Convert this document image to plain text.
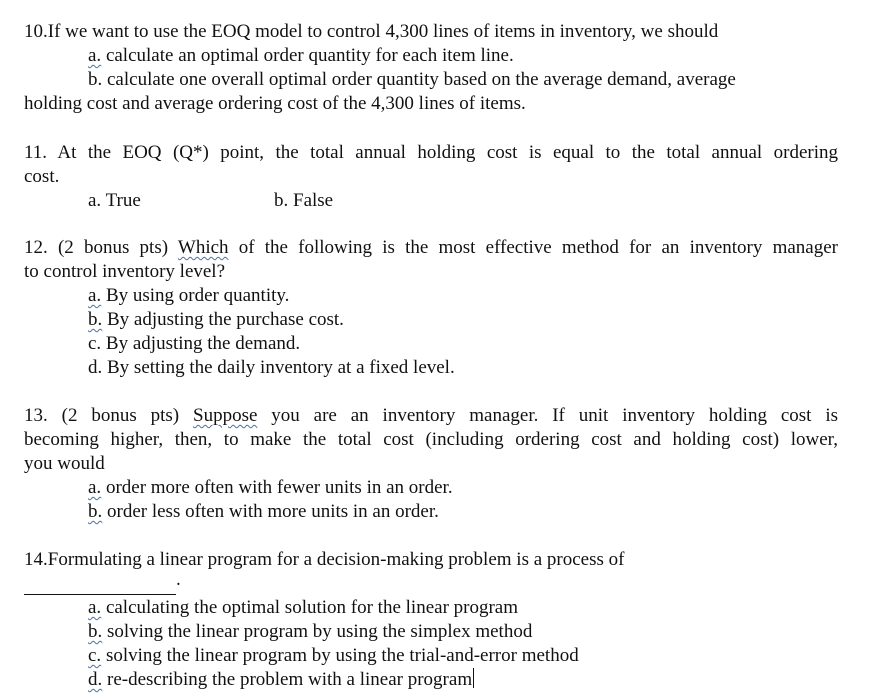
10.If we want to use the EOQ model to control 4,300 lines of items in inventory, we should
a. calculate an optimal order quantity for each item line.
b. calculate one overall optimal order quantity based on the average demand, average
holding cost and average ordering cost of the 4,300 lines of items.
11. At the EOQ (Q*) point, the total annual holding cost is equal to the total annual ordering
cost.
a. True	b. False
12. (2 bonus pts) Which of the following is the most effective method for an inventory manager
to control inventory level?
a. By using order quantity.
b. By adjusting the purchase cost.
c. By adjusting the demand.
d. By setting the daily inventory at a fixed level.
13. (2 bonus pts) Suppose you are an inventory manager. If unit inventory holding cost is
becoming higher, then, to make the total cost (including ordering cost and holding cost) lower,
you would
a. order more often with fewer units in an order.
b. order less often with more units in an order.
14.Formulating a linear program for a decision-making problem is a process of
.
a. calculating the optimal solution for the linear program
b. solving the linear program by using the simplex method
c. solving the linear program by using the trial-and-error method
d. re-describing the problem with a linear program
